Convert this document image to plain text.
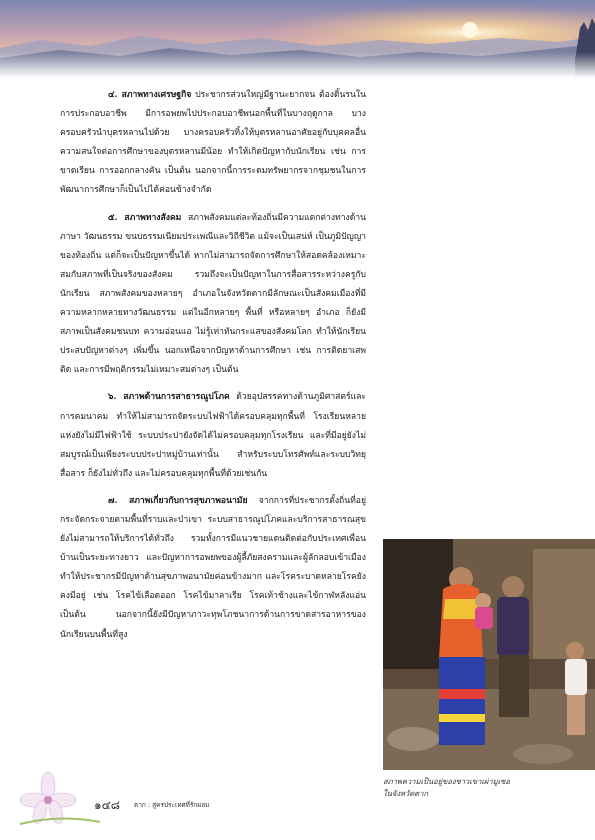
๔. สภาพทางเศรษฐกิจ ประชากรส่วนใหญ่มีฐานะยากจน ต้องดิ้นรนในการประกอบอาชีพ มีการอพยพไปประกอบอาชีพนอกพื้นที่ในบางฤดูกาล บางครอบครัวนำบุตรหลานไปด้วย บางครอบครัวทิ้งให้บุตรหลานอาศัยอยู่กับบุคคลอื่น ความสนใจต่อการศึกษาของบุตรหลานมีน้อย ทำให้เกิดปัญหากับนักเรียน เช่น การขาดเรียน การออกกลางคัน เป็นต้น นอกจากนี้การระดมทรัพยากรจากชุมชนในการพัฒนาการศึกษาก็เป็นไปได้ค่อนข้างจำกัด

๕. สภาพทางสังคม สภาพสังคมแต่ละท้องถิ่นมีความแตกต่างทางด้านภาษา วัฒนธรรม ขนบธรรมเนียมประเพณีและวิถีชีวิต แม้จะเป็นเสน่ห์ เป็นภูมิปัญญาของท้องถิ่น แต่ก็จะเป็นปัญหาขึ้นได้ หากไม่สามารถจัดการศึกษาให้สอดคล้องเหมาะสมกับสภาพที่เป็นจริงของสังคม รวมถึงจะเป็นปัญหาในการสื่อสารระหว่างครูกับนักเรียน สภาพสังคมของหลายๆ อำเภอในจังหวัดตากมีลักษณะเป็นสังคมเมืองที่มีความหลากหลายทางวัฒนธรรม แต่ในอีกหลายๆ พื้นที่ หรือหลายๆ อำเภอ ก็ยังมีสภาพเป็นสังคมชนบท ความอ่อนแอ ไม่รู้เท่าทันกระแสของสังคมโลก ทำให้นักเรียนประสบปัญหาต่างๆ เพิ่มขึ้น นอกเหนือจากปัญหาด้านการศึกษา เช่น การติดยาเสพติด และการมีพฤติกรรมไม่เหมาะสมต่างๆ เป็นต้น

๖. สภาพด้านการสาธารณูปโภค ด้วยอุปสรรคทางด้านภูมิศาสตร์และการคมนาคม ทำให้ไม่สามารถจัดระบบไฟฟ้าได้ครอบคลุมทุกพื้นที่ โรงเรียนหลายแห่งยังไม่มีไฟฟ้าใช้ ระบบประปายังจัดได้ไม่ครอบคลุมทุกโรงเรียน และที่มีอยู่ยังไม่สมบูรณ์เป็นเพียงระบบประปาหมู่บ้านเท่านั้น สำหรับระบบโทรศัพท์และระบบวิทยุสื่อสาร ก็ยังไม่ทั่วถึง และไม่ครอบคลุมทุกพื้นที่ด้วยเช่นกัน

๗. สภาพเกี่ยวกับการสุขภาพอนามัย จากการที่ประชากรตั้งถิ่นที่อยู่กระจัดกระจายตามพื้นที่ราบและป่าเขา ระบบสาธารณูปโภคและบริการสาธารณสุขยังไม่สามารถให้บริการได้ทั่วถึง รวมทั้งการมีแนวชายแดนติดต่อกับประเทศเพื่อนบ้านเป็นระยะทางยาว และปัญหาการอพยพของผู้ลี้ภัยสงครามและผู้ลักลอบเข้าเมือง ทำให้ประชากรมีปัญหาด้านสุขภาพอนามัยค่อนข้างมาก และโรคระบาดหลายโรคยังคงมีอยู่ เช่น โรคไข้เลือดออก โรคไข้มาลาเรีย โรคเท้าช้างและไข้กาฬหลังแอ่น เป็นต้น นอกจากนี้ยังมีปัญหาภาวะทุพโภชนาการด้านการขาดสารอาหารของนักเรียนบนพื้นที่สูง

สภาพความเป็นอยู่ของชาวเขาเผ่ามูเซอ
ในจังหวัดตาก
๑๔๘ ตาก : สู่ครประเทศที่รักผลม
